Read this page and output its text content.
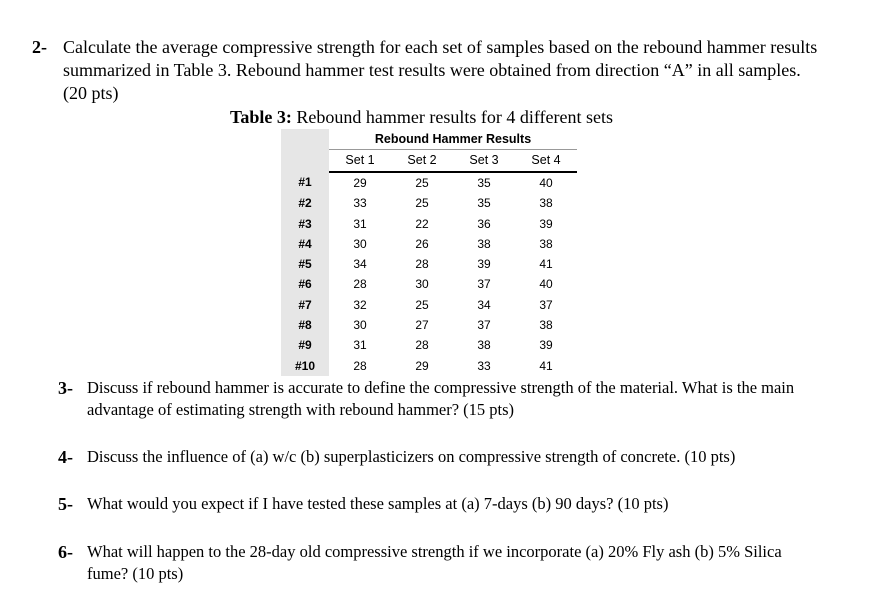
2- Calculate the average compressive strength for each set of samples based on the rebound hammer results summarized in Table 3. Rebound hammer test results were obtained from direction “A” in all samples. (20 pts)
Table 3: Rebound hammer results for 4 different sets
	Rebound Hammer Results			
	Set 1	Set 2	Set 3	Set 4
#1	29	25	35	40
#2	33	25	35	38
#3	31	22	36	39
#4	30	26	38	38
#5	34	28	39	41
#6	28	30	37	40
#7	32	25	34	37
#8	30	27	37	38
#9	31	28	38	39
#10	28	29	33	41
3- Discuss if rebound hammer is accurate to define the compressive strength of the material. What is the main advantage of estimating strength with rebound hammer? (15 pts)
4- Discuss the influence of (a) w/c (b) superplasticizers on compressive strength of concrete. (10 pts)
5- What would you expect if I have tested these samples at (a) 7-days (b) 90 days? (10 pts)
6- What will happen to the 28-day old compressive strength if we incorporate (a) 20% Fly ash (b) 5% Silica fume? (10 pts)
